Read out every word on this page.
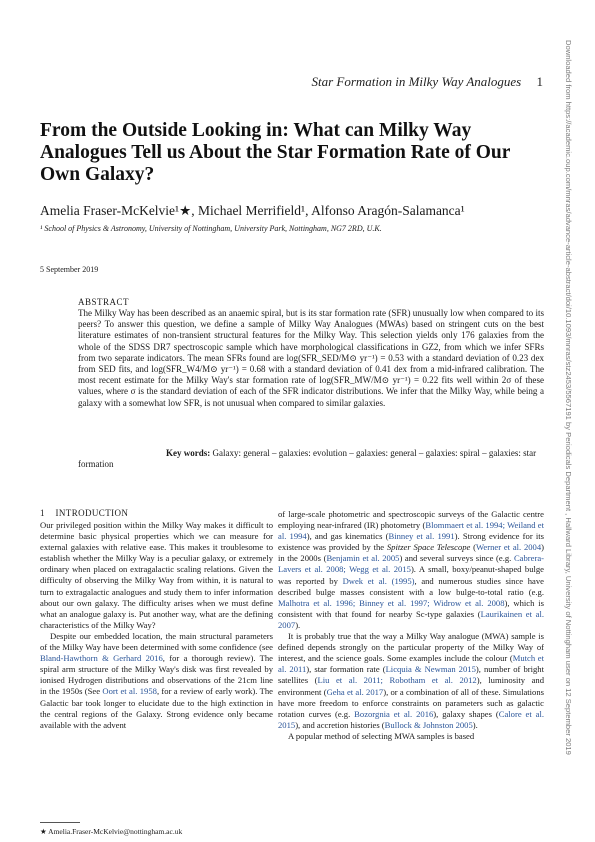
Star Formation in Milky Way Analogues 1
From the Outside Looking in: What can Milky Way Analogues Tell us About the Star Formation Rate of Our Own Galaxy?
Amelia Fraser-McKelvie¹★, Michael Merrifield¹, Alfonso Aragón-Salamanca¹
¹ School of Physics & Astronomy, University of Nottingham, University Park, Nottingham, NG7 2RD, U.K.
5 September 2019
ABSTRACT
The Milky Way has been described as an anaemic spiral, but is its star formation rate (SFR) unusually low when compared to its peers? To answer this question, we define a sample of Milky Way Analogues (MWAs) based on stringent cuts on the best literature estimates of non-transient structural features for the Milky Way. This selection yields only 176 galaxies from the whole of the SDSS DR7 spectroscopic sample which have morphological classifications in GZ2, from which we infer SFRs from two separate indicators. The mean SFRs found are log(SFR_SED/M⊙ yr⁻¹) = 0.53 with a standard deviation of 0.23 dex from SED fits, and log(SFR_W4/M⊙ yr⁻¹) = 0.68 with a standard deviation of 0.41 dex from a mid-infrared calibration. The most recent estimate for the Milky Way's star formation rate of log(SFR_MW/M⊙ yr⁻¹) = 0.22 fits well within 2σ of these values, where σ is the standard deviation of each of the SFR indicator distributions. We infer that the Milky Way, while being a galaxy with a somewhat low SFR, is not unusual when compared to similar galaxies.
Key words: Galaxy: general – galaxies: evolution – galaxies: general – galaxies: spiral – galaxies: star formation
1 INTRODUCTION

Our privileged position within the Milky Way makes it difficult to determine basic physical properties which we can measure for external galaxies with relative ease. This makes it troublesome to establish whether the Milky Way is a peculiar galaxy, or extremely ordinary when placed on extragalactic scaling relations. Given the difficulty of observing the Milky Way from within, it is natural to turn to extragalactic analogues and study them to infer information about our own galaxy. The difficulty arises when we must define what an analogue galaxy is. Put another way, what are the defining characteristics of the Milky Way?

Despite our embedded location, the main structural parameters of the Milky Way have been determined with some confidence (see Bland-Hawthorn & Gerhard 2016, for a thorough review). The spiral arm structure of the Milky Way's disk was first revealed by ionised Hydrogen distributions and observations of the 21cm line in the 1950s (See Oort et al. 1958, for a review of early work). The Galactic bar took longer to elucidate due to the high extinction in the central regions of the Galaxy. Strong evidence only became available with the advent

of large-scale photometric and spectroscopic surveys of the Galactic centre employing near-infrared (IR) photometry (Blommaert et al. 1994; Weiland et al. 1994), and gas kinematics (Binney et al. 1991). Strong evidence for its existence was provided by the Spitzer Space Telescope (Werner et al. 2004) in the 2000s (Benjamin et al. 2005) and several surveys since (e.g. Cabrera-Lavers et al. 2008; Wegg et al. 2015). A small, boxy/peanut-shaped bulge was reported by Dwek et al. (1995), and numerous studies since have described bulge masses consistent with a low bulge-to-total ratio (e.g. Malhotra et al. 1996; Binney et al. 1997; Widrow et al. 2008), which is consistent with that found for nearby Sc-type galaxies (Laurikainen et al. 2007).

It is probably true that the way a Milky Way analogue (MWA) sample is defined depends strongly on the particular property of the Milky Way of interest, and the science goals. Some examples include the colour (Mutch et al. 2011), star formation rate (Licquia & Newman 2015), number of bright satellites (Liu et al. 2011; Robotham et al. 2012), luminosity and environment (Geha et al. 2017), or a combination of all of these. Simulations have more freedom to enforce constraints on parameters such as galactic rotation curves (e.g. Bozorgnia et al. 2016), galaxy shapes (Calore et al. 2015), and accretion histories (Bullock & Johnston 2005).

A popular method of selecting MWA samples is based

★ Amelia.Fraser-McKelvie@nottingham.ac.uk
Downloaded from https://academic.oup.com/mnras/advance-article-abstract/doi/10.1093/mnras/stz2453/5567191 by Periodicals Department , Hallward Library, University of Nottingham user on 12 September 2019
